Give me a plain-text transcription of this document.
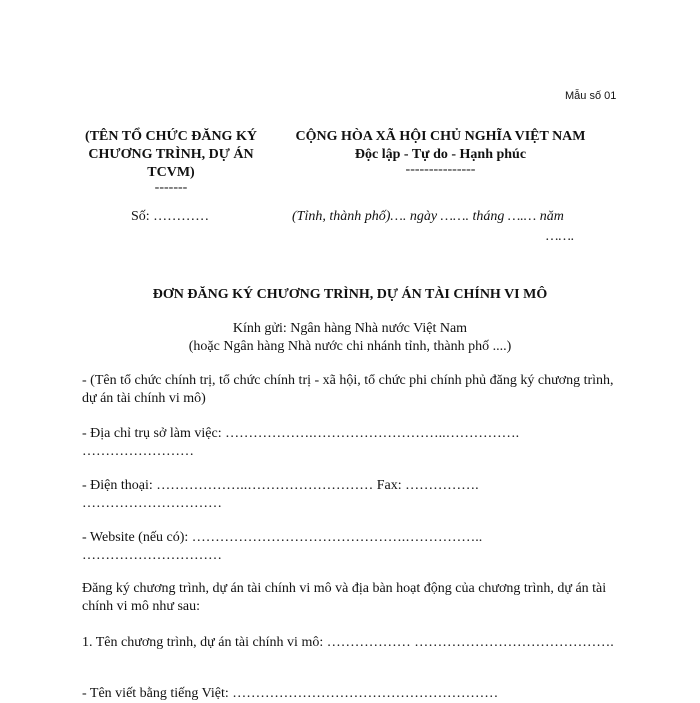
Mẫu số 01
(TÊN TỔ CHỨC ĐĂNG KÝ CHƯƠNG TRÌNH, DỰ ÁN TCVM)
-------
CỘNG HÒA XÃ HỘI CHỦ NGHĨA VIỆT NAM
Độc lập - Tự do - Hạnh phúc
---------------
Số: …………	(Tỉnh, thành phố)…. ngày ……. tháng ….… năm
…….
ĐƠN ĐĂNG KÝ CHƯƠNG TRÌNH, DỰ ÁN TÀI CHÍNH VI MÔ
Kính gửi: Ngân hàng Nhà nước Việt Nam
(hoặc Ngân hàng Nhà nước chi nhánh tỉnh, thành phố ....)
- (Tên tổ chức chính trị, tổ chức chính trị - xã hội, tổ chức phi chính phủ đăng ký chương trình, dự án tài chính vi mô)
- Địa chỉ trụ sở làm việc: ……………….………………………..……………. ……………………
- Điện thoại: ………………..……………………… Fax: ……………. …………………………
- Website (nếu có): ……………………………………….…………….. …………………………
Đăng ký chương trình, dự án tài chính vi mô và địa bàn hoạt động của chương trình, dự án tài chính vi mô như sau:
1. Tên chương trình, dự án tài chính vi mô: ……………… …………………………………….
- Tên viết bằng tiếng Việt: …………………………………………………
